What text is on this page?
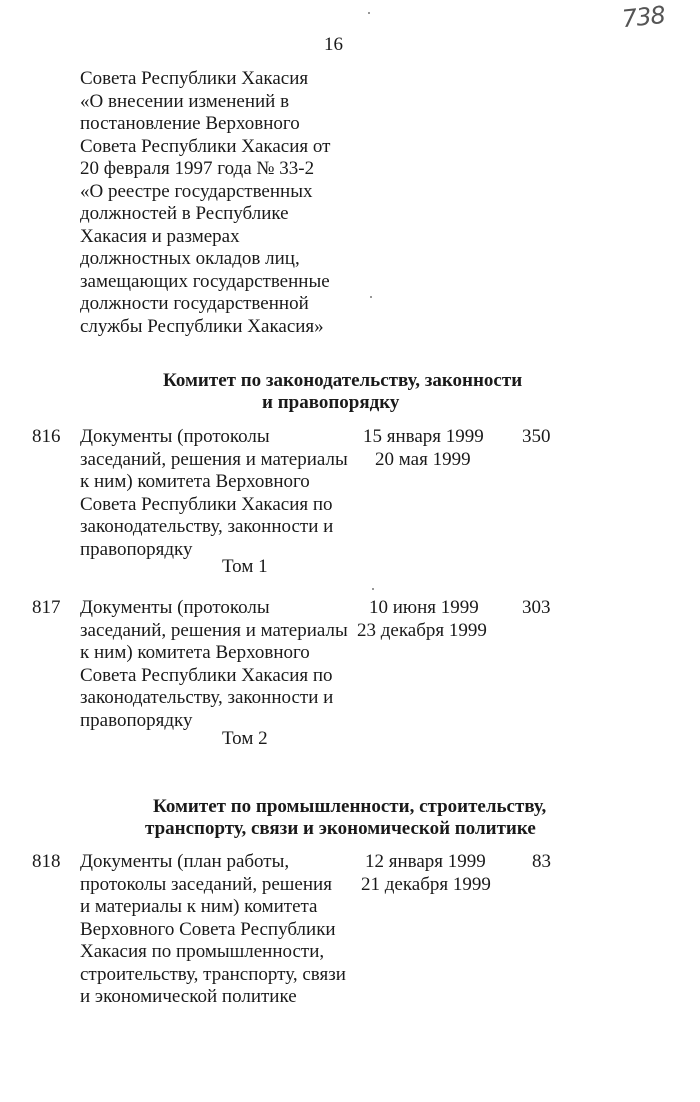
738
16
Совета Республики Хакасия
«О внесении изменений в
постановление Верховного
Совета Республики Хакасия от
20 февраля 1997 года № 33-2
«О реестре государственных
должностей в Республике
Хакасия и размерах
должностных окладов лиц,
замещающих государственные
должности государственной
службы Республики Хакасия»
Комитет по законодательству, законности
и правопорядку
816 Документы (протоколы
заседаний, решения и материалы
к ним) комитета Верховного
Совета Республики Хакасия по
законодательству, законности и
правопорядку
Том 1
15 января 1999
20 мая 1999
350
817 Документы (протоколы
заседаний, решения и материалы
к ним) комитета Верховного
Совета Республики Хакасия по
законодательству, законности и
правопорядку
Том 2
10 июня 1999
23 декабря 1999
303
Комитет по промышленности, строительству,
транспорту, связи и экономической политике
818 Документы (план работы,
протоколы заседаний, решения
и материалы к ним) комитета
Верховного Совета Республики
Хакасия по промышленности,
строительству, транспорту, связи
и экономической политике
12 января 1999
21 декабря 1999
83
